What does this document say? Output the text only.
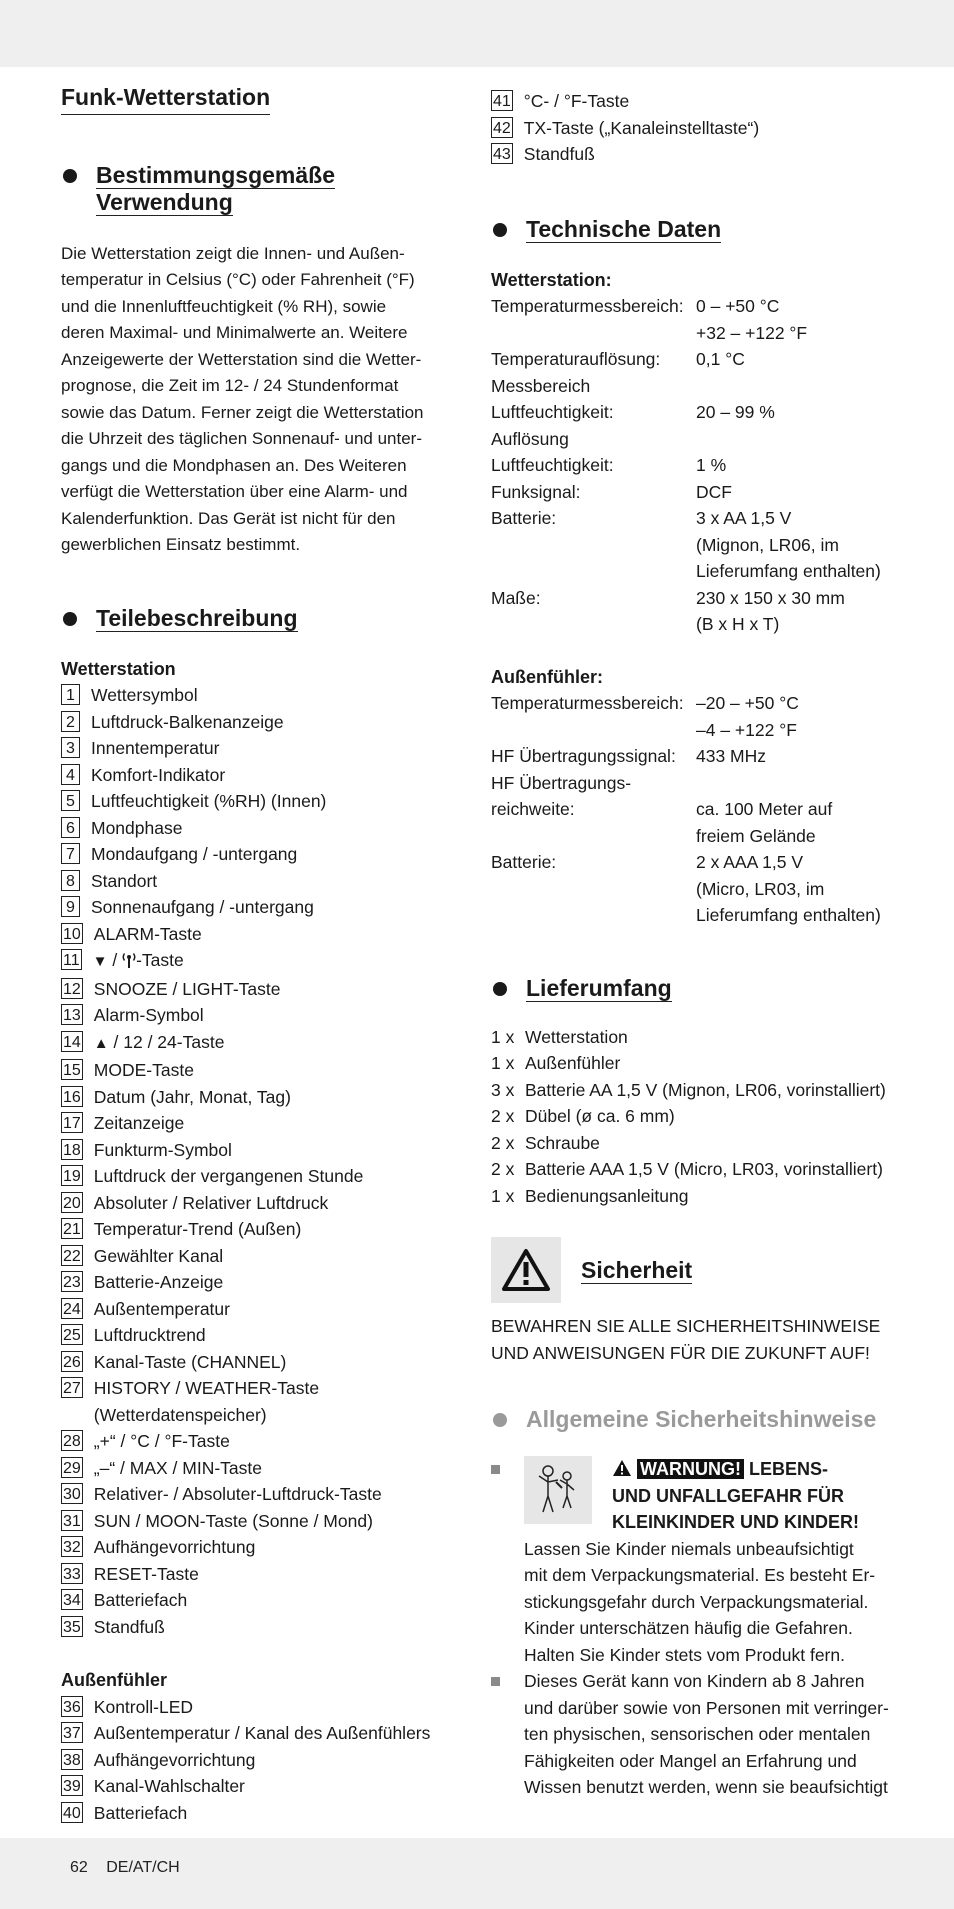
Funk-Wetterstation
Bestimmungsgemäße
Verwendung

Die Wetterstation zeigt die Innen- und Außen-

temperatur in Celsius (°C) oder Fahrenheit (°F)

und die Innenluftfeuchtigkeit (% RH), sowie

deren Maximal- und Minimalwerte an. Weitere

Anzeigewerte der Wetterstation sind die Wetter-

prognose, die Zeit im 12- / 24 Stundenformat

sowie das Datum. Ferner zeigt die Wetterstation

die Uhrzeit des täglichen Sonnenauf- und unter-

gangs und die Mondphasen an. Des Weiteren

verfügt die Wetterstation über eine Alarm- und

Kalenderfunktion. Das Gerät ist nicht für den

gewerblichen Einsatz bestimmt.

Teilebeschreibung

Wetterstation

1 Wettersymbol
2 Luftdruck-Balkenanzeige
3 Innentemperatur
4 Komfort-Indikator
5 Luftfeuchtigkeit (%RH) (Innen)
6 Mondphase
7 Mondaufgang / -untergang
8 Standort
9 Sonnenaufgang / -untergang
10 ALARM-Taste
11 ▼ / -Taste
12 SNOOZE / LIGHT-Taste
13 Alarm-Symbol
14 ▲ / 12 / 24-Taste
15 MODE-Taste
16 Datum (Jahr, Monat, Tag)
17 Zeitanzeige
18 Funkturm-Symbol
19 Luftdruck der vergangenen Stunde
20 Absoluter / Relativer Luftdruck
21 Temperatur-Trend (Außen)
22 Gewählter Kanal
23 Batterie-Anzeige
24 Außentemperatur
25 Luftdrucktrend
26 Kanal-Taste (CHANNEL)
27 HISTORY / WEATHER-Taste (Wetterdatenspeicher)
28 „+“ / °C / °F-Taste
29 „–“ / MAX / MIN-Taste
30 Relativer- / Absoluter-Luftdruck-Taste
31 SUN / MOON-Taste (Sonne / Mond)
32 Aufhängevorrichtung
33 RESET-Taste
34 Batteriefach
35 Standfuß

Außenfühler

36 Kontroll-LED
37 Außentemperatur / Kanal des Außenfühlers
38 Aufhängevorrichtung
39 Kanal-Wahlschalter
40 Batteriefach
41 °C- / °F-Taste
42 TX-Taste („Kanaleinstelltaste“)
43 Standfuß
Technische Daten

Wetterstation:

Temperaturmessbereich: 0 – +50 °C
+32 – +122 °F
Temperaturauflösung:	0,1 °C
Messbereich
Luftfeuchtigkeit:	20 – 99 %
Auflösung
Luftfeuchtigkeit:	1 %
Funksignal:	DCF
Batterie:	3 x AA 1,5 V
(Mignon, LR06, im
Lieferumfang enthalten)
Maße:	230 x 150 x 30 mm
(B x H x T)

Außenfühler:

Temperaturmessbereich: –20 – +50 °C
–4 – +122 °F
HF Übertragungssignal:	433 MHz
HF Übertragungs-
reichweite:	ca. 100 Meter auf
freiem Gelände
Batterie:	2 x AAA 1,5 V
(Micro, LR03, im
Lieferumfang enthalten)
Lieferumfang
1 x Wetterstation
1 x Außenfühler
3 x Batterie AA 1,5 V (Mignon, LR06, vorinstalliert)
2 x Dübel (ø ca. 6 mm)
2 x Schraube
2 x Batterie AAA 1,5 V (Micro, LR03, vorinstalliert)
1 x Bedienungsanleitung
Sicherheit

BEWAHREN SIE ALLE SICHERHEITSHINWEISE

UND ANWEISUNGEN FÜR DIE ZUKUNFT AUF!

Allgemeine Sicherheitshinweise
WARNUNG! LEBENS-
UND UNFALLGEFAHR FÜR
KLEINKINDER UND KINDER!

Lassen Sie Kinder niemals unbeaufsichtigt

mit dem Verpackungsmaterial. Es besteht Er-

stickungsgefahr durch Verpackungsmaterial.

Kinder unterschätzen häufig die Gefahren.

Halten Sie Kinder stets vom Produkt fern.

Dieses Gerät kann von Kindern ab 8 Jahren

und darüber sowie von Personen mit verringer-

ten physischen, sensorischen oder mentalen

Fähigkeiten oder Mangel an Erfahrung und

Wissen benutzt werden, wenn sie beaufsichtigt

62 DE/AT/CH
